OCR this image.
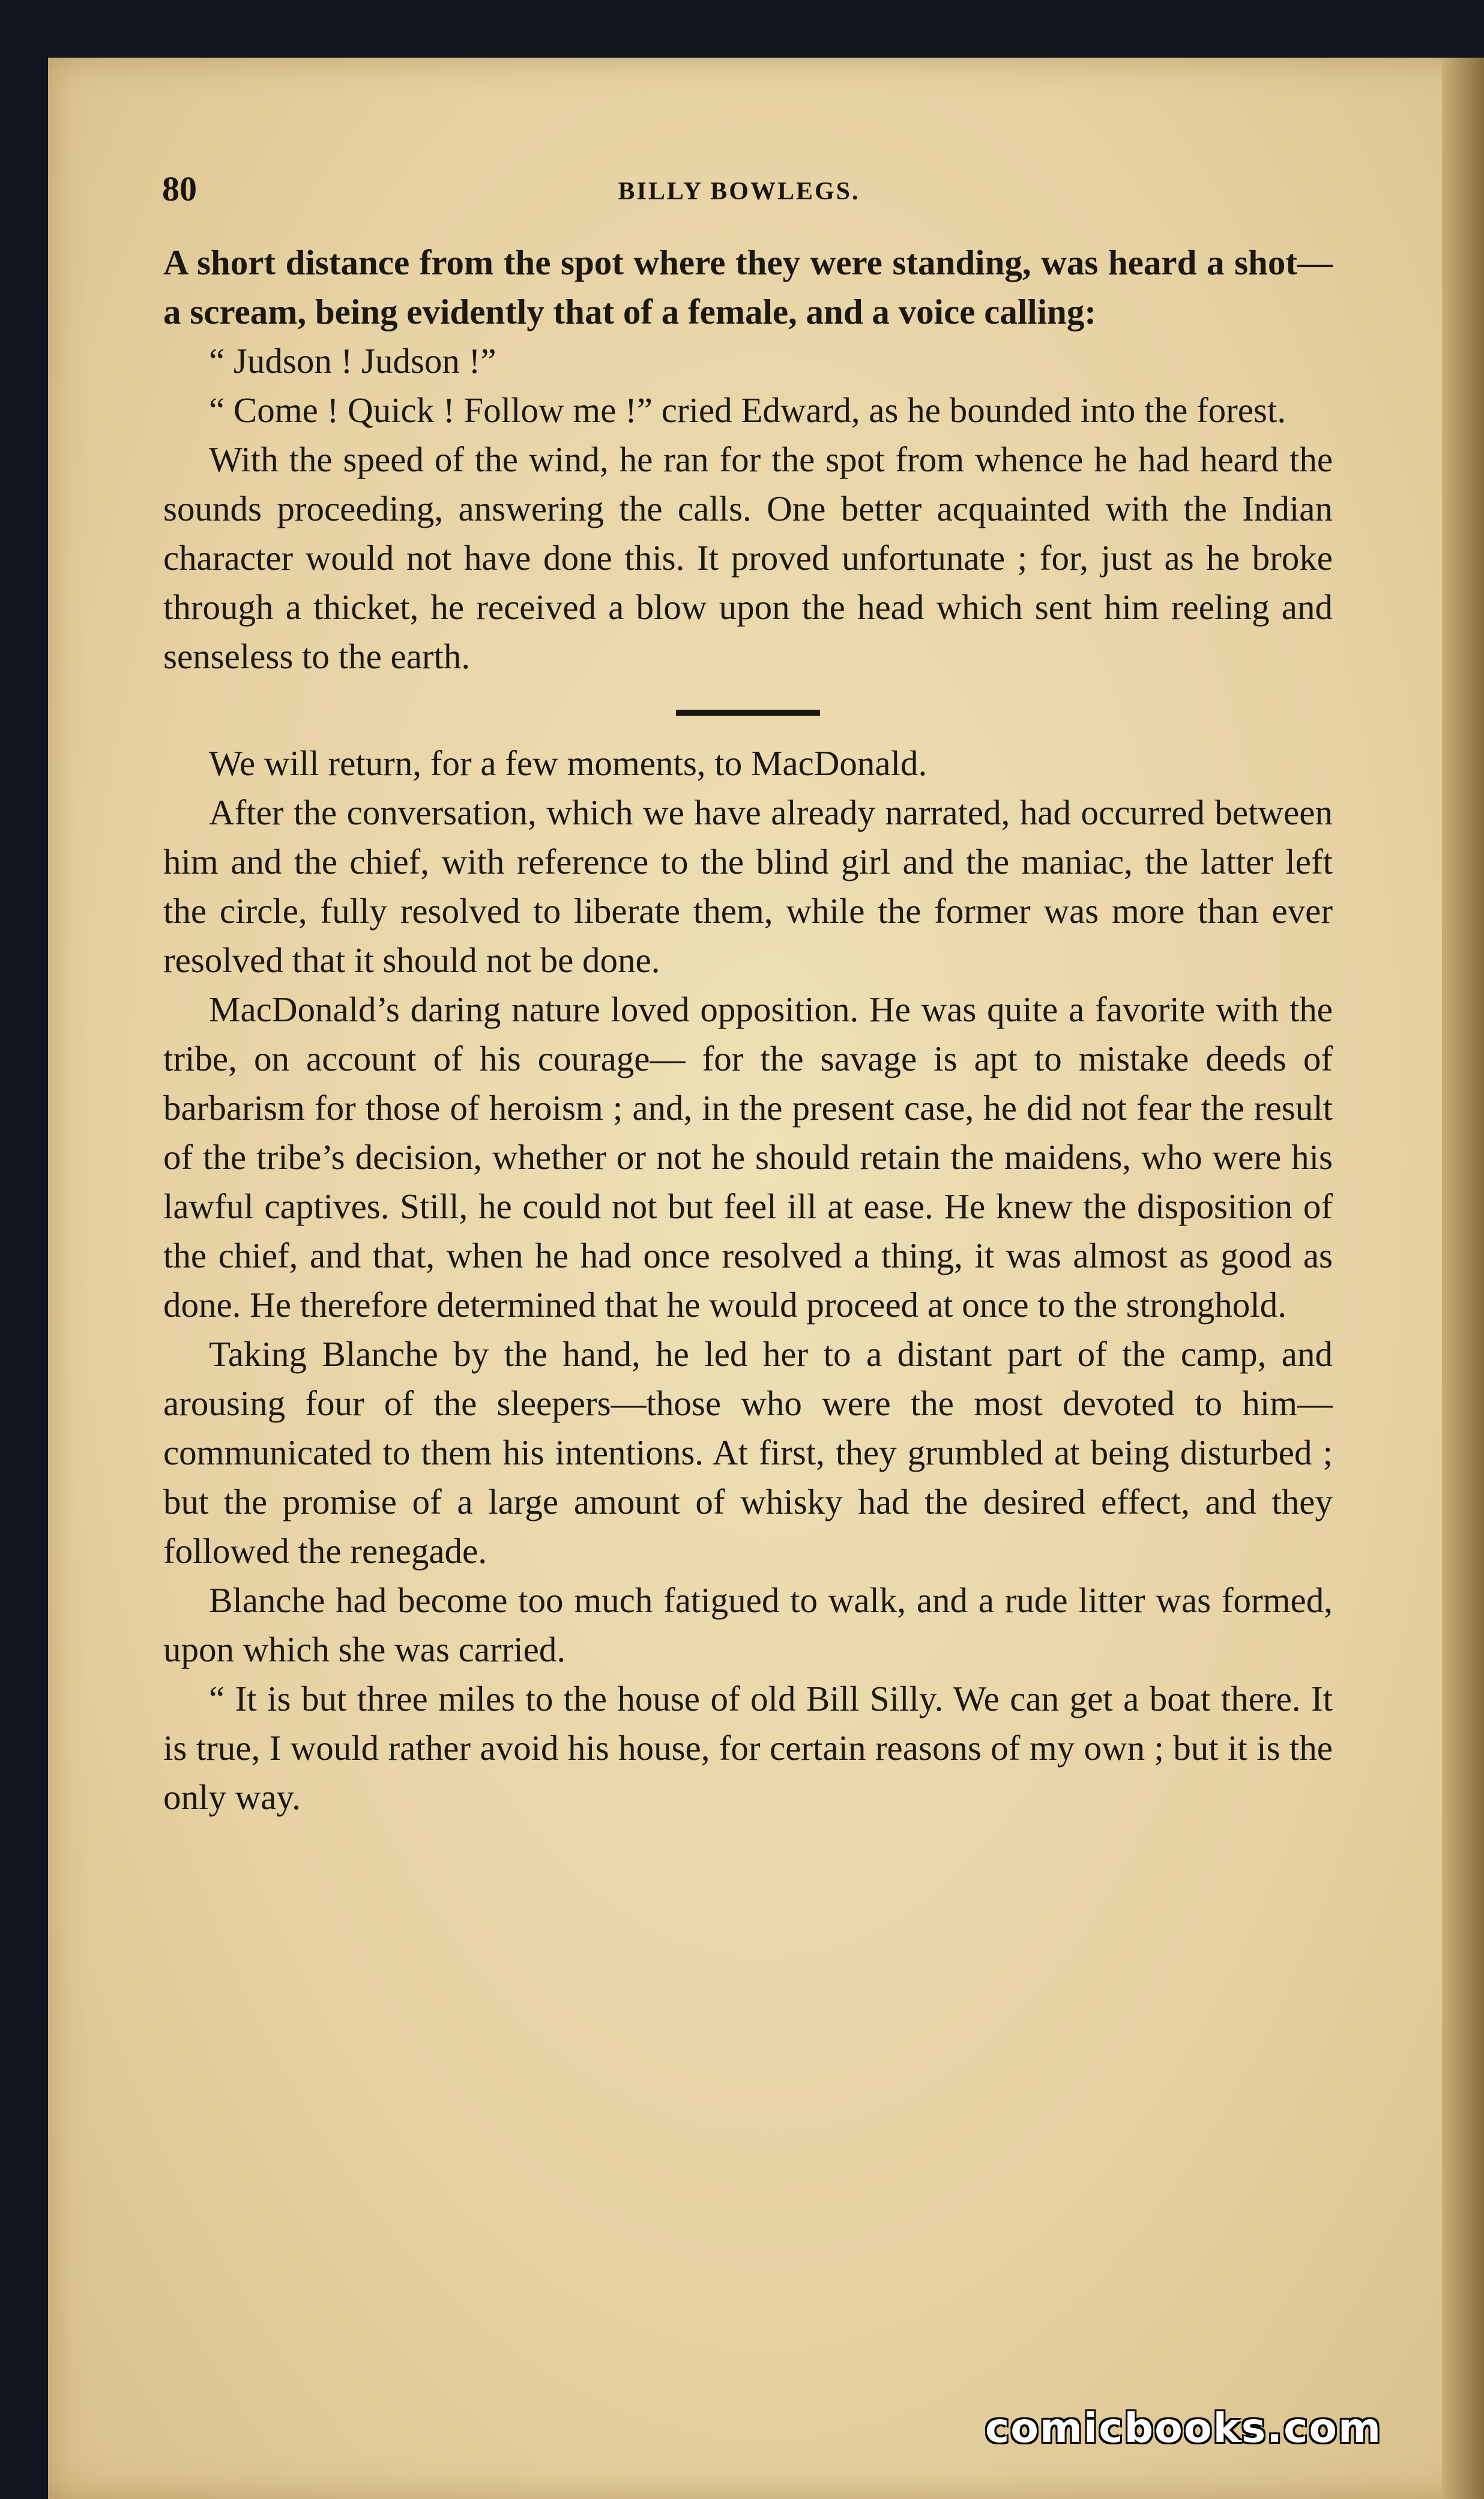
80	BILLY BOWLEGS.

A short distance from the spot where they were standing, was heard a shot—a scream, being evidently that of a female, and a voice calling:

“ Judson ! Judson !”

“ Come ! Quick ! Follow me !” cried Edward, as he bounded into the forest.

With the speed of the wind, he ran for the spot from whence he had heard the sounds proceeding, answering the calls. One better acquainted with the Indian character would not have done this. It proved unfortunate ; for, just as he broke through a thicket, he received a blow upon the head which sent him reeling and senseless to the earth.

We will return, for a few moments, to MacDonald.

After the conversation, which we have already narrated, had occurred between him and the chief, with reference to the blind girl and the maniac, the latter left the circle, fully resolved to liberate them, while the former was more than ever resolved that it should not be done.

MacDonald’s daring nature loved opposition. He was quite a favorite with the tribe, on account of his courage— for the savage is apt to mistake deeds of barbarism for those of heroism ; and, in the present case, he did not fear the result of the tribe’s decision, whether or not he should retain the maidens, who were his lawful captives. Still, he could not but feel ill at ease. He knew the disposition of the chief, and that, when he had once resolved a thing, it was almost as good as done. He therefore determined that he would proceed at once to the stronghold.

Taking Blanche by the hand, he led her to a distant part of the camp, and arousing four of the sleepers—those who were the most devoted to him—communicated to them his intentions. At first, they grumbled at being disturbed ; but the promise of a large amount of whisky had the desired effect, and they followed the renegade.

Blanche had become too much fatigued to walk, and a rude litter was formed, upon which she was carried.

“ It is but three miles to the house of old Bill Silly. We can get a boat there. It is true, I would rather avoid his house, for certain reasons of my own ; but it is the only way.

comicbooks.com
